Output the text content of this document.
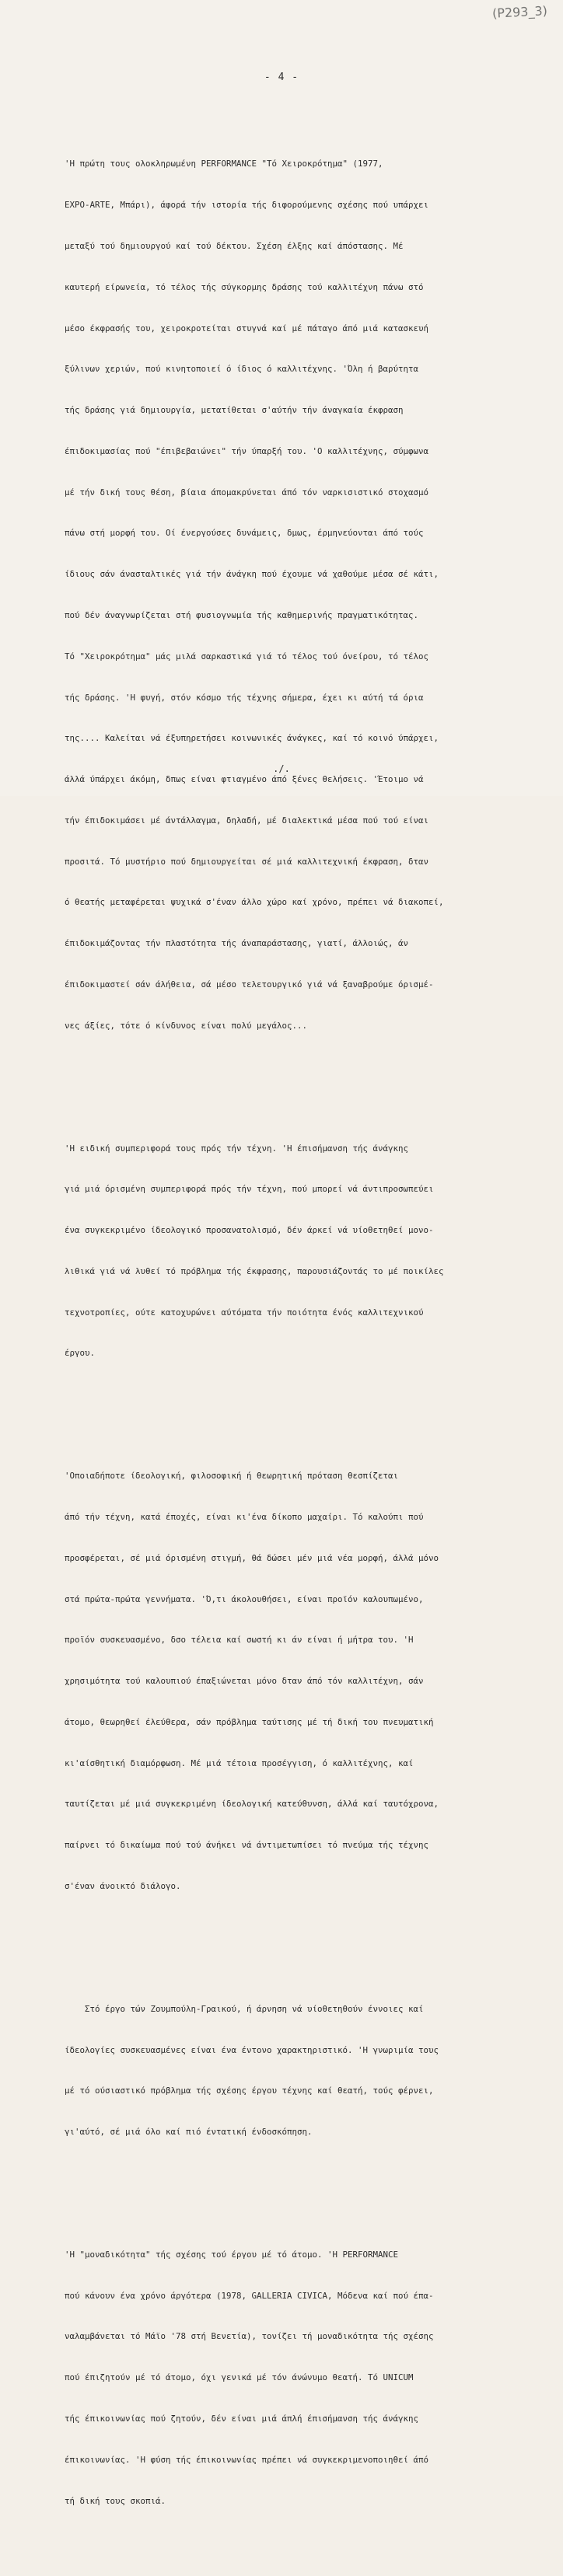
(P293_3)
- 4 -

'Η πρώτη τους ολοκληρωμένη PERFORMANCE "Τό Χειροκρότημα" (1977,

EXPO-ARTE, Μπάρι), άφορά τήν ιστορία τής διφορούμενης σχέσης πού υπάρχει

μεταξύ τού δημιουργού καί τού δέκτου. Σχέση έλξης καί άπόστασης. Μέ

καυτερή είρωνεία, τό τέλος τής σύγκορμης δράσης τού καλλιτέχνη πάνω στό

μέσο έκφρασής του, χειροκροτείται στυγνά καί μέ πάταγο άπό μιά κατασκευή

ξύλινων χεριών, πού κινητοποιεί ό ίδιος ό καλλιτέχνης. 'Όλη ή βαρύτητα

τής δράσης γιά δημιουργία, μετατίθεται σ'αύτήν τήν άναγκαία έκφραση

έπιδοκιμασίας πού "έπιβεβαιώνει" τήν ύπαρξή του. 'Ο καλλιτέχνης, σύμφωνα

μέ τήν δική τους θέση, βίαια άπομακρύνεται άπό τόν ναρκισιστικό στοχασμό

πάνω στή μορφή του. Οί ένεργούσες δυνάμεις, δμως, έρμηνεύονται άπό τούς

ίδιους σάν άνασταλτικές γιά τήν άνάγκη πού έχουμε νά χαθούμε μέσα σέ κάτι,

πού δέν άναγνωρίζεται στή φυσιογνωμία τής καθημερινής πραγματικότητας.

Τό "Χειροκρότημα" μάς μιλά σαρκαστικά γιά τό τέλος τού όνείρου, τό τέλος

τής δράσης. 'Η φυγή, στόν κόσμο τής τέχνης σήμερα, έχει κι αύτή τά όρια

της.... Καλείται νά έξυπηρετήσει κοινωνικές άνάγκες, καί τό κοινό ύπάρχει,

άλλά ύπάρχει άκόμη, δπως είναι φτιαγμένο άπό ξένες θελήσεις. 'Έτοιμο νά

τήν έπιδοκιμάσει μέ άντάλλαγμα, δηλαδή, μέ διαλεκτικά μέσα πού τού είναι

προσιτά. Τό μυστήριο πού δημιουργείται σέ μιά καλλιτεχνική έκφραση, δταν

ό θεατής μεταφέρεται ψυχικά σ'έναν άλλο χώρο καί χρόνο, πρέπει νά διακοπεί,

έπιδοκιμάζοντας τήν πλαστότητα τής άναπαράστασης, γιατί, άλλοιώς, άν

έπιδοκιμαστεί σάν άλήθεια, σά μέσο τελετουργικό γιά νά ξαναβρούμε όρισμέ-

νες άξίες, τότε ό κίνδυνος είναι πολύ μεγάλος...

'Η ειδική συμπεριφορά τους πρός τήν τέχνη. 'Η έπισήμανση τής άνάγκης

γιά μιά όρισμένη συμπεριφορά πρός τήν τέχνη, πού μπορεί νά άντιπροσωπεύει

ένα συγκεκριμένο ίδεολογικό προσανατολισμό, δέν άρκεί νά υίοθετηθεί μονο-

λιθικά γιά νά λυθεί τό πρόβλημα τής έκφρασης, παρουσιάζοντάς το μέ ποικίλες

τεχνοτροπίες, ούτε κατοχυρώνει αύτόματα τήν ποιότητα ένός καλλιτεχνικού

έργου.

'Οποιαδήποτε ίδεολογική, φιλοσοφική ή θεωρητική πρόταση θεσπίζεται

άπό τήν τέχνη, κατά έποχές, είναι κι'ένα δίκοπο μαχαίρι. Τό καλούπι πού

προσφέρεται, σέ μιά όρισμένη στιγμή, θά δώσει μέν μιά νέα μορφή, άλλά μόνο

στά πρώτα-πρώτα γεννήματα. 'Ό,τι άκολουθήσει, είναι προϊόν καλουπωμένο,

προϊόν συσκευασμένο, δσο τέλεια καί σωστή κι άν είναι ή μήτρα του. 'Η

χρησιμότητα τού καλουπιού έπαξιώνεται μόνο δταν άπό τόν καλλιτέχνη, σάν

άτομο, θεωρηθεί έλεύθερα, σάν πρόβλημα ταύτισης μέ τή δική του πνευματική

κι'αίσθητική διαμόρφωση. Μέ μιά τέτοια προσέγγιση, ό καλλιτέχνης, καί

ταυτίζεται μέ μιά συγκεκριμένη ίδεολογική κατεύθυνση, άλλά καί ταυτόχρονα,

παίρνει τό δικαίωμα πού τού άνήκει νά άντιμετωπίσει τό πνεύμα τής τέχνης

σ'έναν άνοικτό διάλογο.

Στό έργο τών Ζουμπούλη-Γραικού, ή άρνηση νά υίοθετηθούν έννοιες καί

ίδεολογίες συσκευασμένες είναι ένα έντονο χαρακτηριστικό. 'Η γνωριμία τους

μέ τό ούσιαστικό πρόβλημα τής σχέσης έργου τέχνης καί θεατή, τούς φέρνει,

γι'αύτό, σέ μιά όλο καί πιό έντατική ένδοσκόπηση.

'Η "μοναδικότητα" τής σχέσης τού έργου μέ τό άτομο. 'Η PERFORMANCE

πού κάνουν ένα χρόνο άργότερα (1978, GALLERIA CIVICA, Μόδενα καί πού έπα-

ναλαμβάνεται τό Μάϊο '78 στή Βενετία), τονίζει τή μοναδικότητα τής σχέσης

πού έπιζητούν μέ τό άτομο, όχι γενικά μέ τόν άνώνυμο θεατή. Τό UNICUM

τής έπικοινωνίας πού ζητούν, δέν είναι μιά άπλή έπισήμανση τής άνάγκης

έπικοινωνίας. 'Η φύση τής έπικοινωνίας πρέπει νά συγκεκριμενοποιηθεί άπό

τή δική τους σκοπιά.

./.
